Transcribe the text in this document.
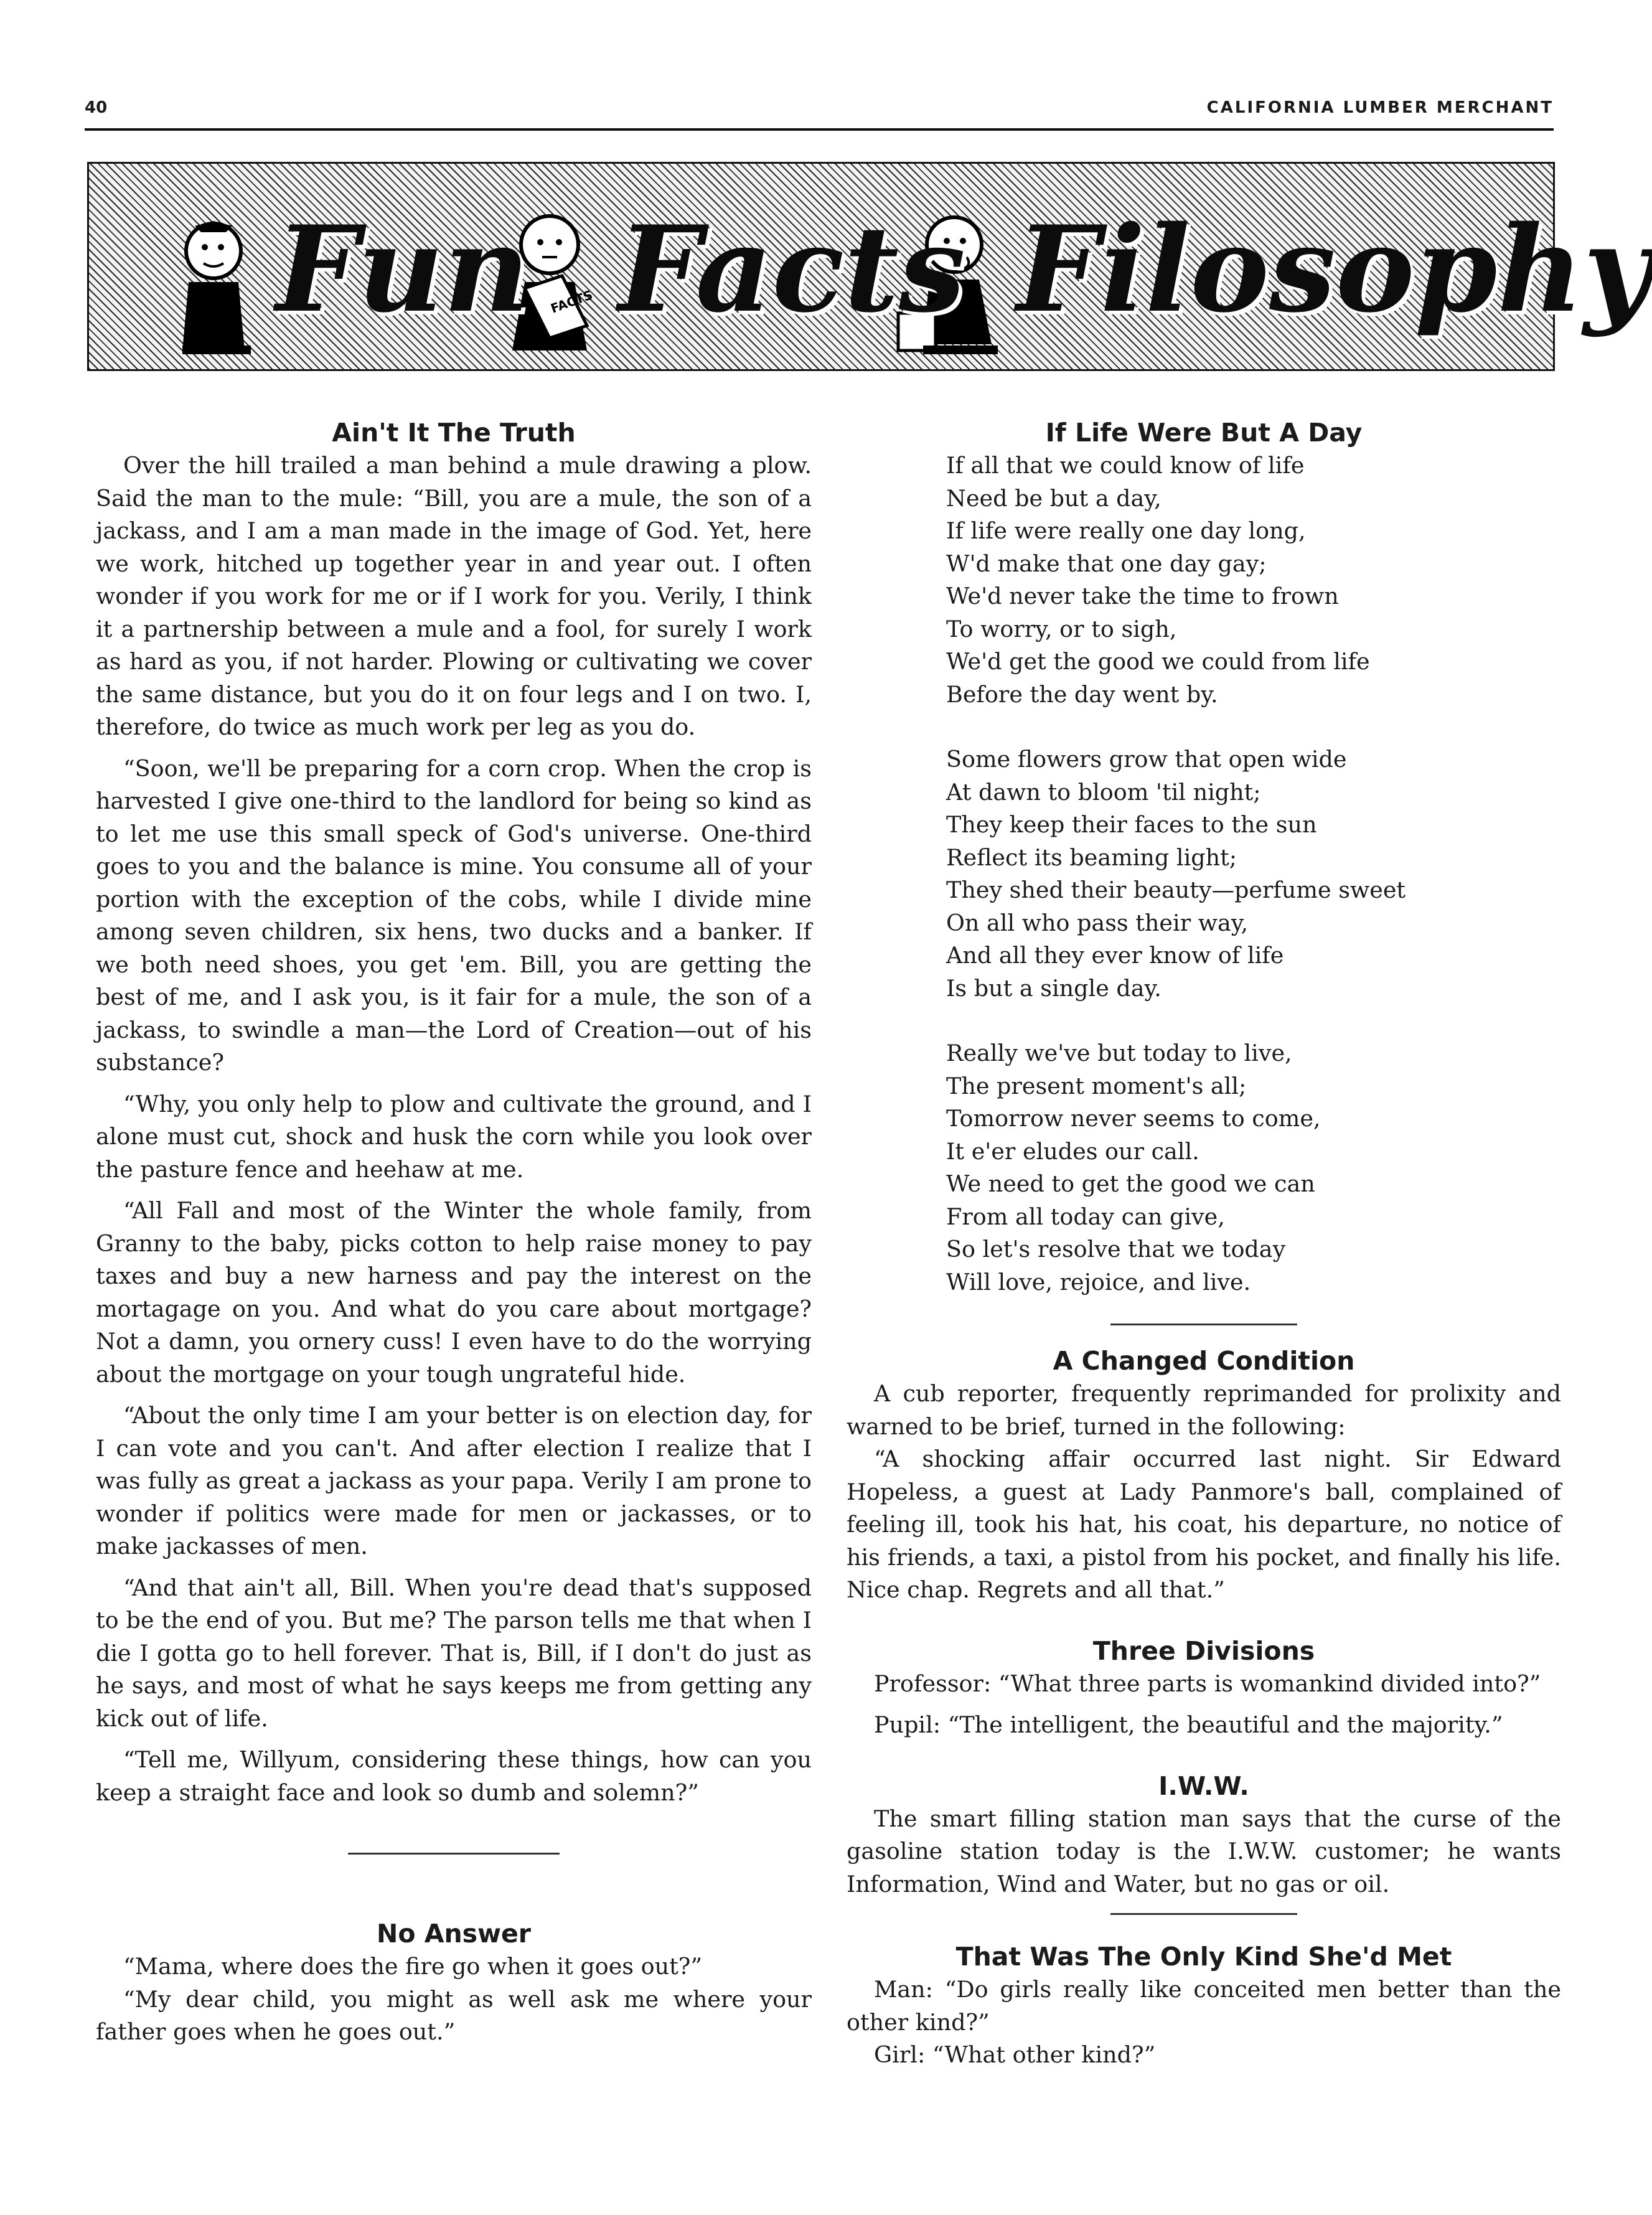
40	CALIFORNIA LUMBER MERCHANT
FACTS
Fun Facts Filosophy
Ain't It The Truth

Over the hill trailed a man behind a mule drawing a plow. Said the man to the mule: “Bill, you are a mule, the son of a jackass, and I am a man made in the image of God. Yet, here we work, hitched up together year in and year out. I often wonder if you work for me or if I work for you. Verily, I think it a partnership between a mule and a fool, for surely I work as hard as you, if not harder. Plowing or cultivating we cover the same distance, but you do it on four legs and I on two. I, therefore, do twice as much work per leg as you do.

“Soon, we'll be preparing for a corn crop. When the crop is harvested I give one-third to the landlord for being so kind as to let me use this small speck of God's universe. One-third goes to you and the balance is mine. You consume all of your portion with the exception of the cobs, while I divide mine among seven children, six hens, two ducks and a banker. If we both need shoes, you get 'em. Bill, you are getting the best of me, and I ask you, is it fair for a mule, the son of a jackass, to swindle a man—the Lord of Creation—out of his substance?

“Why, you only help to plow and cultivate the ground, and I alone must cut, shock and husk the corn while you look over the pasture fence and heehaw at me.

“All Fall and most of the Winter the whole family, from Granny to the baby, picks cotton to help raise money to pay taxes and buy a new harness and pay the interest on the mortagage on you. And what do you care about mortgage? Not a damn, you ornery cuss! I even have to do the worrying about the mortgage on your tough ungrateful hide.

“About the only time I am your better is on election day, for I can vote and you can't. And after election I realize that I was fully as great a jackass as your papa. Verily I am prone to wonder if politics were made for men or jackasses, or to make jackasses of men.

“And that ain't all, Bill. When you're dead that's supposed to be the end of you. But me? The parson tells me that when I die I gotta go to hell forever. That is, Bill, if I don't do just as he says, and most of what he says keeps me from getting any kick out of life.

“Tell me, Willyum, considering these things, how can you keep a straight face and look so dumb and solemn?”

No Answer

“Mama, where does the fire go when it goes out?”

“My dear child, you might as well ask me where your father goes when he goes out.”

If Life Were But A Day
If all that we could know of life
Need be but a day,
If life were really one day long,
W'd make that one day gay;
We'd never take the time to frown
To worry, or to sigh,
We'd get the good we could from life
Before the day went by.
Some flowers grow that open wide
At dawn to bloom 'til night;
They keep their faces to the sun
Reflect its beaming light;
They shed their beauty—perfume sweet
On all who pass their way,
And all they ever know of life
Is but a single day.
Really we've but today to live,
The present moment's all;
Tomorrow never seems to come,
It e'er eludes our call.
We need to get the good we can
From all today can give,
So let's resolve that we today
Will love, rejoice, and live.
A Changed Condition

A cub reporter, frequently reprimanded for prolixity and warned to be brief, turned in the following:

“A shocking affair occurred last night. Sir Edward Hopeless, a guest at Lady Panmore's ball, complained of feeling ill, took his hat, his coat, his departure, no notice of his friends, a taxi, a pistol from his pocket, and finally his life. Nice chap. Regrets and all that.”

Three Divisions

Professor: “What three parts is womankind divided into?”

Pupil: “The intelligent, the beautiful and the majority.”

I.W.W.

The smart filling station man says that the curse of the gasoline station today is the I.W.W. customer; he wants Information, Wind and Water, but no gas or oil.

That Was The Only Kind She'd Met

Man: “Do girls really like conceited men better than the other kind?”

Girl: “What other kind?”
